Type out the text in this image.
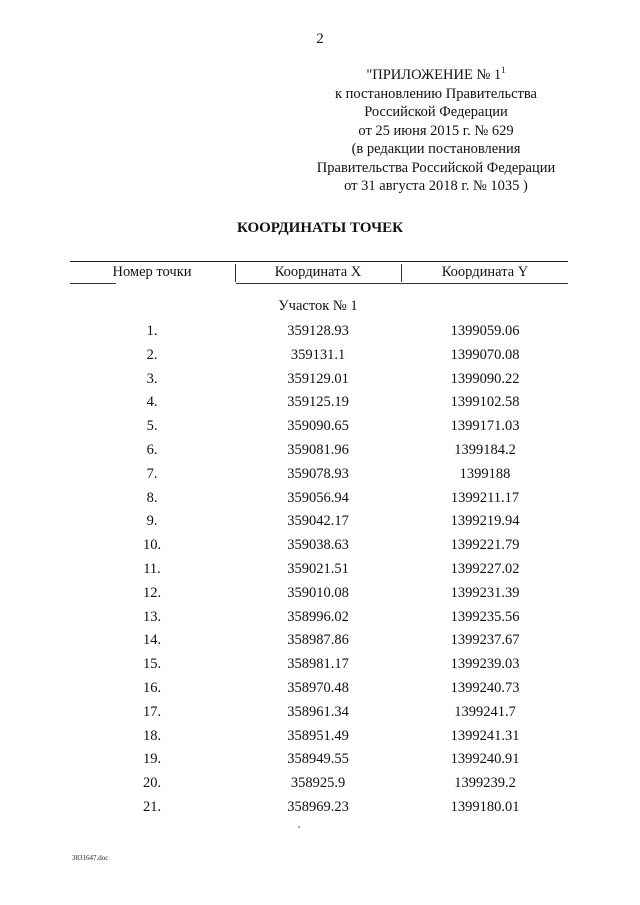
2
"ПРИЛОЖЕНИЕ № $1^1$
к постановлению Правительства
Российской Федерации
от 25 июня 2015 г. № 629
(в редакции постановления
Правительства Российской Федерации
от 31 августа 2018 г. № 1035 )
КООРДИНАТЫ ТОЧЕК
Номер точки	Координата X	Координата Y
Участок № 1
1.	359128.93	1399059.06
2.	359131.1	1399070.08
3.	359129.01	1399090.22
4.	359125.19	1399102.58
5.	359090.65	1399171.03
6.	359081.96	1399184.2
7.	359078.93	1399188
8.	359056.94	1399211.17
9.	359042.17	1399219.94
10.	359038.63	1399221.79
11.	359021.51	1399227.02
12.	359010.08	1399231.39
13.	358996.02	1399235.56
14.	358987.86	1399237.67
15.	358981.17	1399239.03
16.	358970.48	1399240.73
17.	358961.34	1399241.7
18.	358951.49	1399241.31
19.	358949.55	1399240.91
20.	358925.9	1399239.2
21.	358969.23	1399180.01
3831647.doc
